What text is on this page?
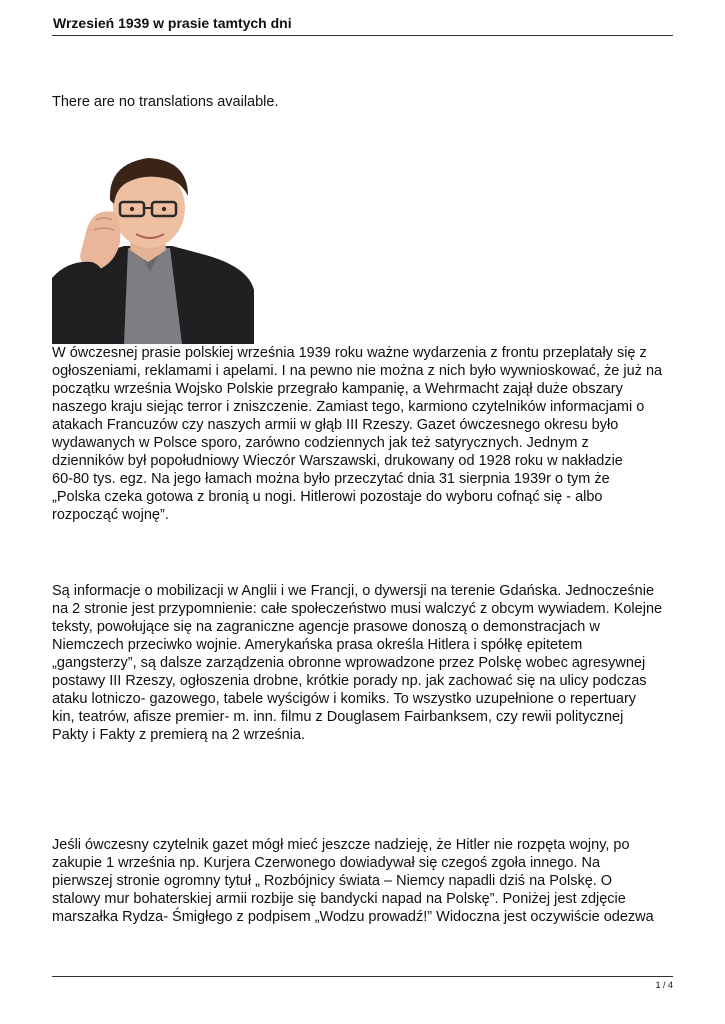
Wrzesień 1939 w prasie tamtych dni
There are no translations available.
W ówczesnej prasie polskiej września 1939 roku ważne wydarzenia z frontu przeplatały się z
ogłoszeniami, reklamami i apelami. I na pewno nie można z nich było wywnioskować, że już na
początku września Wojsko Polskie przegrało kampanię, a Wehrmacht zajął duże obszary
naszego kraju siejąc terror i zniszczenie. Zamiast tego, karmiono czytelników informacjami o
atakach Francuzów czy naszych armii w głąb III Rzeszy. Gazet ówczesnego okresu było
wydawanych w Polsce sporo, zarówno codziennych jak też satyrycznych. Jednym z
dzienników był popołudniowy Wieczór Warszawski, drukowany od 1928 roku w nakładzie
60-80 tys. egz. Na jego łamach można było przeczytać dnia 31 sierpnia 1939r o tym że
„Polska czeka gotowa z bronią u nogi. Hitlerowi pozostaje do wyboru cofnąć się - albo
rozpocząć wojnę”.
Są informacje o mobilizacji w Anglii i we Francji, o dywersji na terenie Gdańska. Jednocześnie
na 2 stronie jest przypomnienie: całe społeczeństwo musi walczyć z obcym wywiadem. Kolejne
teksty, powołujące się na zagraniczne agencje prasowe donoszą o demonstracjach w
Niemczech przeciwko wojnie. Amerykańska prasa określa Hitlera i spółkę epitetem
„gangsterzy”, są dalsze zarządzenia obronne wprowadzone przez Polskę wobec agresywnej
postawy III Rzeszy, ogłoszenia drobne, krótkie porady np. jak zachować się na ulicy podczas
ataku lotniczo- gazowego, tabele wyścigów i komiks. To wszystko uzupełnione o repertuary
kin, teatrów, afisze premier- m. inn. filmu z Douglasem Fairbanksem, czy rewii politycznej
Pakty i Fakty z premierą na 2 września.
Jeśli ówczesny czytelnik gazet mógł mieć jeszcze nadzieję, że Hitler nie rozpęta wojny, po
zakupie 1 września np. Kurjera Czerwonego dowiadywał się czegoś zgoła innego. Na
pierwszej stronie ogromny tytuł „ Rozbójnicy świata – Niemcy napadli dziś na Polskę. O
stalowy mur bohaterskiej armii rozbije się bandycki napad na Polskę”. Poniżej jest zdjęcie
marszałka Rydza- Śmigłego z podpisem „Wodzu prowadź!” Widoczna jest oczywiście odezwa
1 / 4
